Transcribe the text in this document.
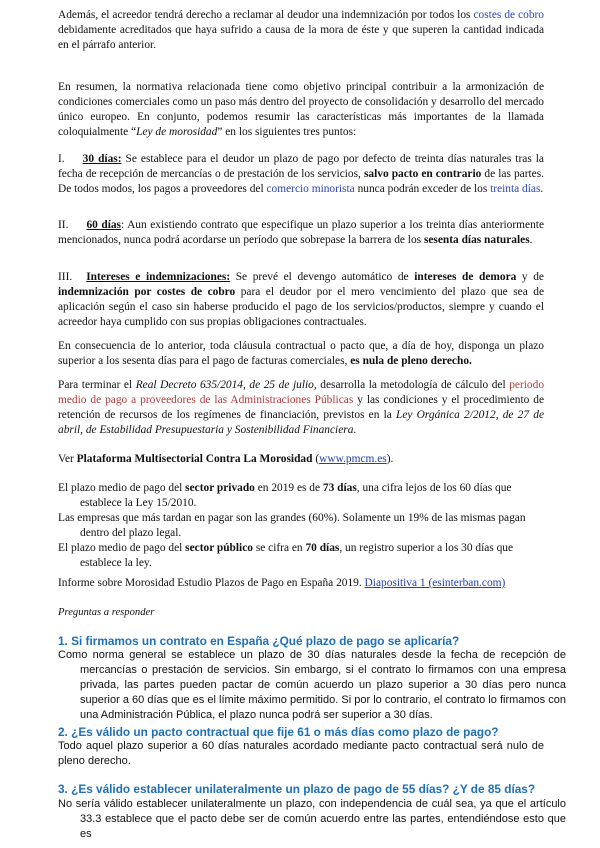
Además, el acreedor tendrá derecho a reclamar al deudor una indemnización por todos los costes de cobro debidamente acreditados que haya sufrido a causa de la mora de éste y que superen la cantidad indicada en el párrafo anterior.

En resumen, la normativa relacionada tiene como objetivo principal contribuir a la armonización de condiciones comerciales como un paso más dentro del proyecto de consolidación y desarrollo del mercado único europeo. En conjunto, podemos resumir las características más importantes de la llamada coloquialmente “Ley de morosidad” en los siguientes tres puntos:

I. 30 días: Se establece para el deudor un plazo de pago por defecto de treinta días naturales tras la fecha de recepción de mercancías o de prestación de los servicios, salvo pacto en contrario de las partes. De todos modos, los pagos a proveedores del comercio minorista nunca podrán exceder de los treinta días.

II. 60 días: Aun existiendo contrato que especifique un plazo superior a los treinta días anteriormente mencionados, nunca podrá acordarse un período que sobrepase la barrera de los sesenta días naturales.

III. Intereses e indemnizaciones: Se prevé el devengo automático de intereses de demora y de indemnización por costes de cobro para el deudor por el mero vencimiento del plazo que sea de aplicación según el caso sin haberse producido el pago de los servicios/productos, siempre y cuando el acreedor haya cumplido con sus propias obligaciones contractuales.

En consecuencia de lo anterior, toda cláusula contractual o pacto que, a día de hoy, disponga un plazo superior a los sesenta días para el pago de facturas comerciales, es nula de pleno derecho.

Para terminar el Real Decreto 635/2014, de 25 de julio, desarrolla la metodología de cálculo del periodo medio de pago a proveedores de las Administraciones Públicas y las condiciones y el procedimiento de retención de recursos de los regímenes de financiación, previstos en la Ley Orgánica 2/2012, de 27 de abril, de Estabilidad Presupuestaria y Sostenibilidad Financiera.

Ver Plataforma Multisectorial Contra La Morosidad (www.pmcm.es).

El plazo medio de pago del sector privado en 2019 es de 73 días, una cifra lejos de los 60 días que establece la Ley 15/2010.
Las empresas que más tardan en pagar son las grandes (60%). Solamente un 19% de las mismas pagan dentro del plazo legal.
El plazo medio de pago del sector público se cifra en 70 días, un registro superior a los 30 días que establece la ley.

Informe sobre Morosidad Estudio Plazos de Pago en España 2019. Diapositiva 1 (esinterban.com)

Preguntas a responder

1. Si firmamos un contrato en España ¿Qué plazo de pago se aplicaría?

Como norma general se establece un plazo de 30 días naturales desde la fecha de recepción de mercancías o prestación de servicios. Sin embargo, si el contrato lo firmamos con una empresa privada, las partes pueden pactar de común acuerdo un plazo superior a 30 días pero nunca superior a 60 días que es el límite máximo permitido. Si por lo contrario, el contrato lo firmamos con una Administración Pública, el plazo nunca podrá ser superior a 30 días.

2. ¿Es válido un pacto contractual que fije 61 o más días como plazo de pago?

Todo aquel plazo superior a 60 días naturales acordado mediante pacto contractual será nulo de pleno derecho.

3. ¿Es válido establecer unilateralmente un plazo de pago de 55 días? ¿Y de 85 días?

No sería válido establecer unilateralmente un plazo, con independencia de cuál sea, ya que el artículo 33.3 establece que el pacto debe ser de común acuerdo entre las partes, entendiéndose esto que es
